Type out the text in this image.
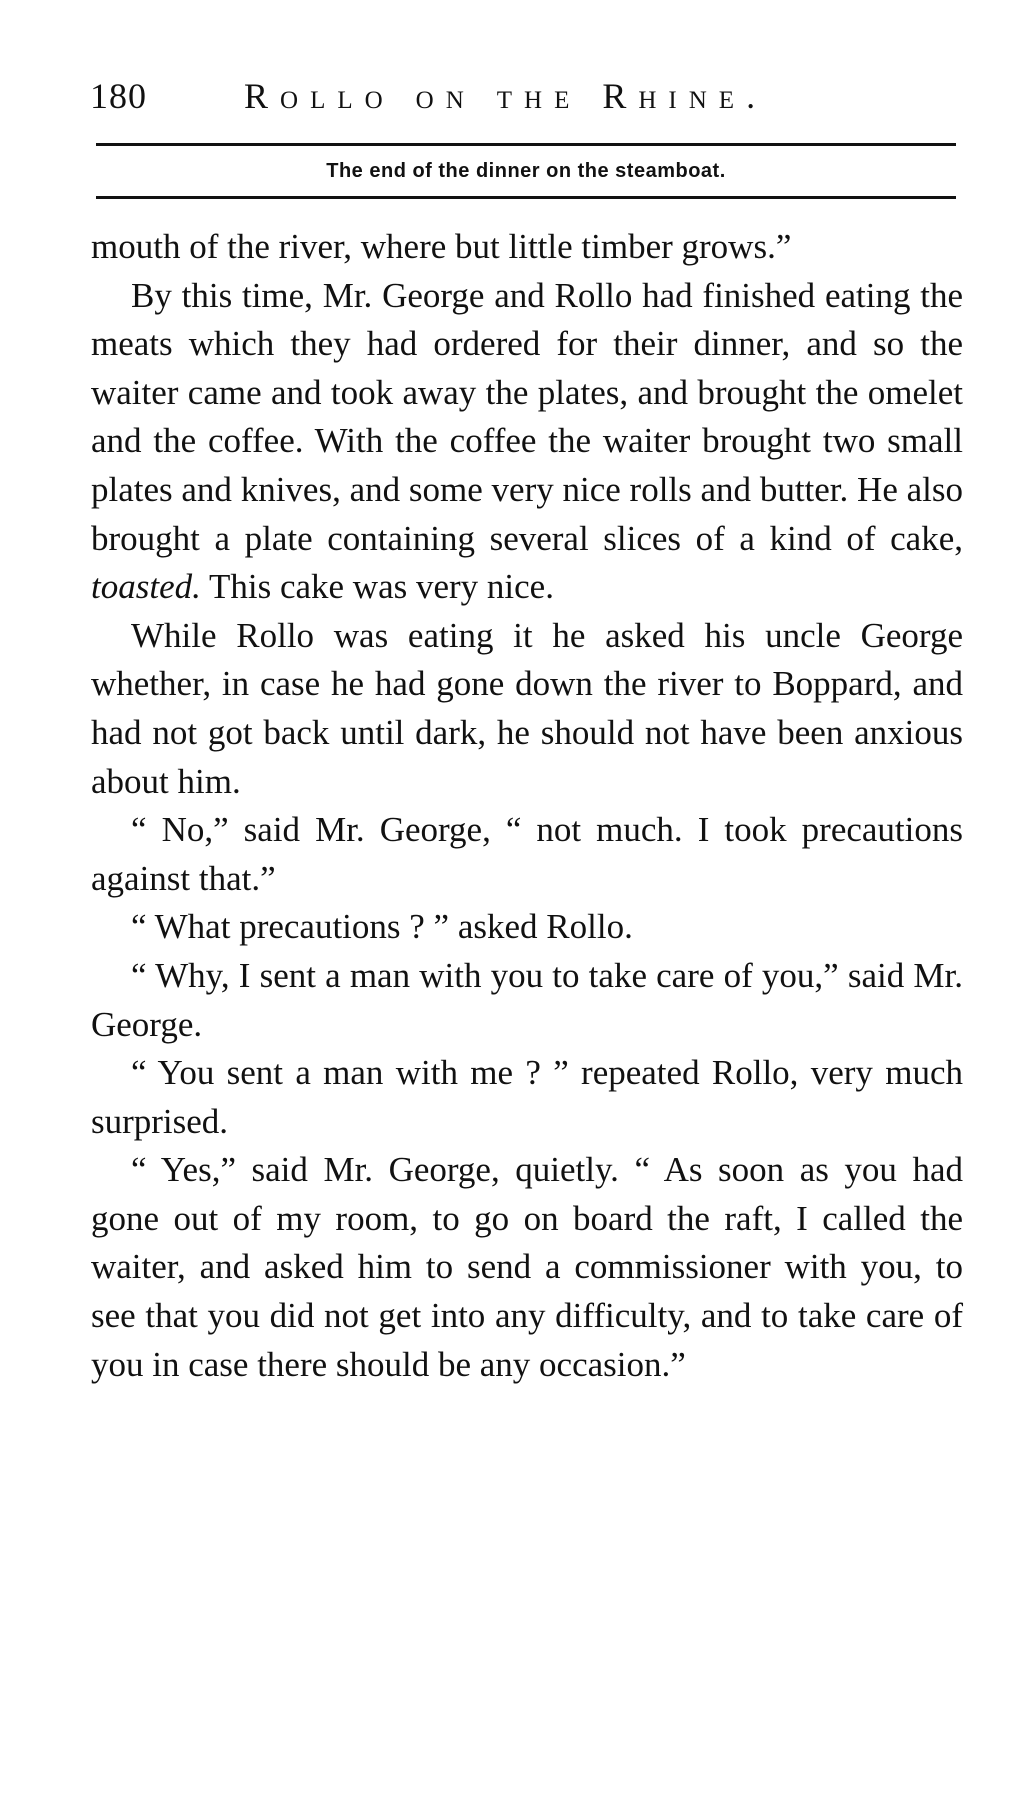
180	Rollo on the Rhine.
The end of the dinner on the steamboat.

mouth of the river, where but little timber grows.”

By this time, Mr. George and Rollo had finished eating the meats which they had ordered for their dinner, and so the waiter came and took away the plates, and brought the omelet and the coffee. With the coffee the waiter brought two small plates and knives, and some very nice rolls and butter. He also brought a plate containing several slices of a kind of cake, toasted. This cake was very nice.

While Rollo was eating it he asked his uncle George whether, in case he had gone down the river to Boppard, and had not got back until dark, he should not have been anxious about him.

“ No,” said Mr. George, “ not much. I took precautions against that.”

“ What precautions ? ” asked Rollo.

“ Why, I sent a man with you to take care of you,” said Mr. George.

“ You sent a man with me ? ” repeated Rollo, very much surprised.

“ Yes,” said Mr. George, quietly. “ As soon as you had gone out of my room, to go on board the raft, I called the waiter, and asked him to send a commissioner with you, to see that you did not get into any difficulty, and to take care of you in case there should be any occasion.”
